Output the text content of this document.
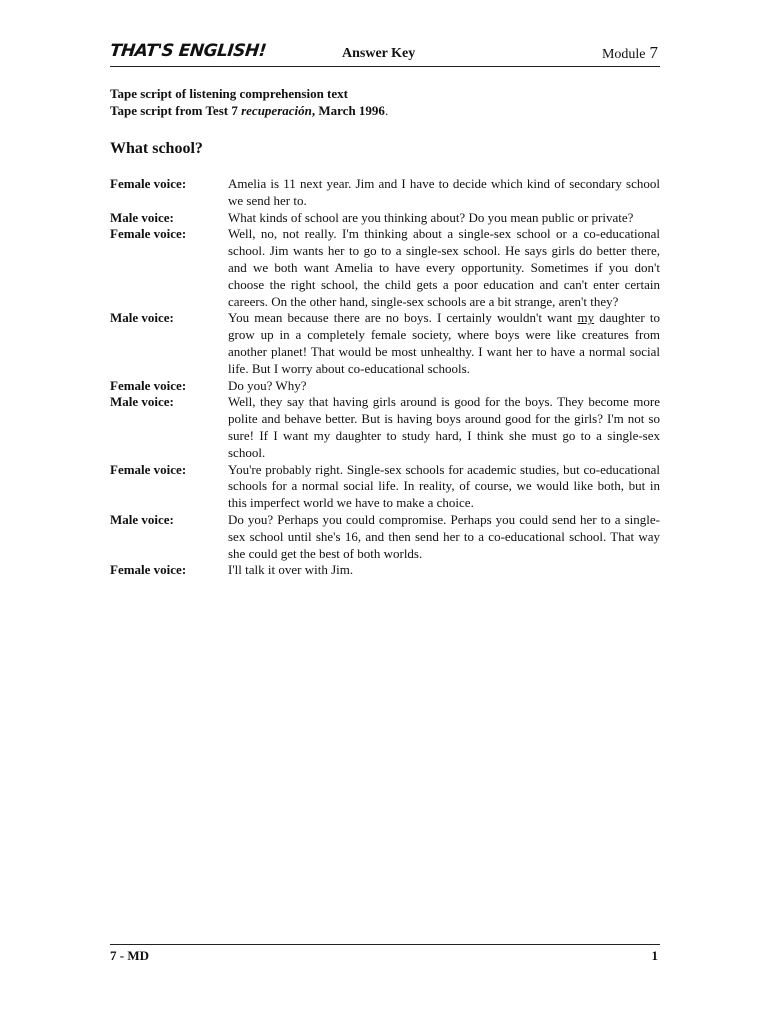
THAT'S ENGLISH!	Answer Key	Module 7
Tape script of listening comprehension text
Tape script from Test 7 recuperación, March 1996.
What school?
Female voice:	Amelia is 11 next year. Jim and I have to decide which kind of secondary school we send her to.
Male voice:	What kinds of school are you thinking about? Do you mean public or private?
Female voice:	Well, no, not really. I'm thinking about a single-sex school or a co-educational school. Jim wants her to go to a single-sex school. He says girls do better there, and we both want Amelia to have every opportunity. Sometimes if you don't choose the right school, the child gets a poor education and can't enter certain careers. On the other hand, single-sex schools are a bit strange, aren't they?
Male voice:	You mean because there are no boys. I certainly wouldn't want my daughter to grow up in a completely female society, where boys were like creatures from another planet! That would be most unhealthy. I want her to have a normal social life. But I worry about co-educational schools.
Female voice:	Do you? Why?
Male voice:	Well, they say that having girls around is good for the boys. They become more polite and behave better. But is having boys around good for the girls? I'm not so sure! If I want my daughter to study hard, I think she must go to a single-sex school.
Female voice:	You're probably right. Single-sex schools for academic studies, but co-educational schools for a normal social life. In reality, of course, we would like both, but in this imperfect world we have to make a choice.
Male voice:	Do you? Perhaps you could compromise. Perhaps you could send her to a single-sex school until she's 16, and then send her to a co-educational school. That way she could get the best of both worlds.
Female voice:	I'll talk it over with Jim.
7 - MD	1
